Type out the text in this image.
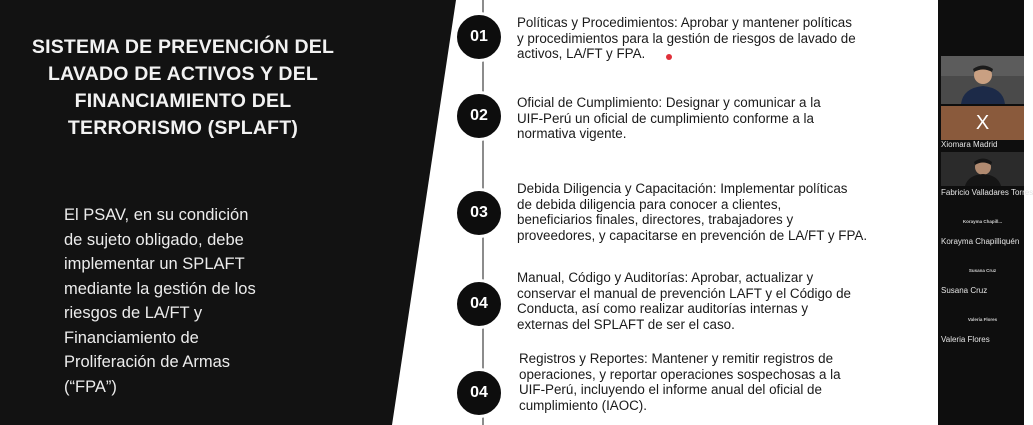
SISTEMA DE PREVENCIÓN DEL
LAVADO DE ACTIVOS Y DEL
FINANCIAMIENTO DEL
TERRORISMO (SPLAFT)
El PSAV, en su condición
de sujeto obligado, debe
implementar un SPLAFT
mediante la gestión de los
riesgos de LA/FT y
Financiamiento de
Proliferación de Armas
(“FPA”)
01
Políticas y Procedimientos: Aprobar y mantener políticas
y procedimientos para la gestión de riesgos de lavado de
activos, LA/FT y FPA.
02
Oficial de Cumplimiento: Designar y comunicar a la
UIF-Perú un oficial de cumplimiento conforme a la
normativa vigente.
03
Debida Diligencia y Capacitación: Implementar políticas
de debida diligencia para conocer a clientes,
beneficiarios finales, directores, trabajadores y
proveedores, y capacitarse en prevención de LA/FT y FPA.
04
Manual, Código y Auditorías: Aprobar, actualizar y
conservar el manual de prevención LAFT y el Código de
Conducta, así como realizar auditorías internas y
externas del SPLAFT de ser el caso.
04
Registros y Reportes: Mantener y remitir registros de
operaciones, y reportar operaciones sospechosas a la
UIF-Perú, incluyendo el informe anual del oficial de
cumplimiento (IAOC).
X
Xiomara Madrid
Fabricio Valladares Torres
Korayma Chapill...
Korayma Chapilliquén
Susana Cruz
Susana Cruz
Valeria Flores
Valeria Flores
